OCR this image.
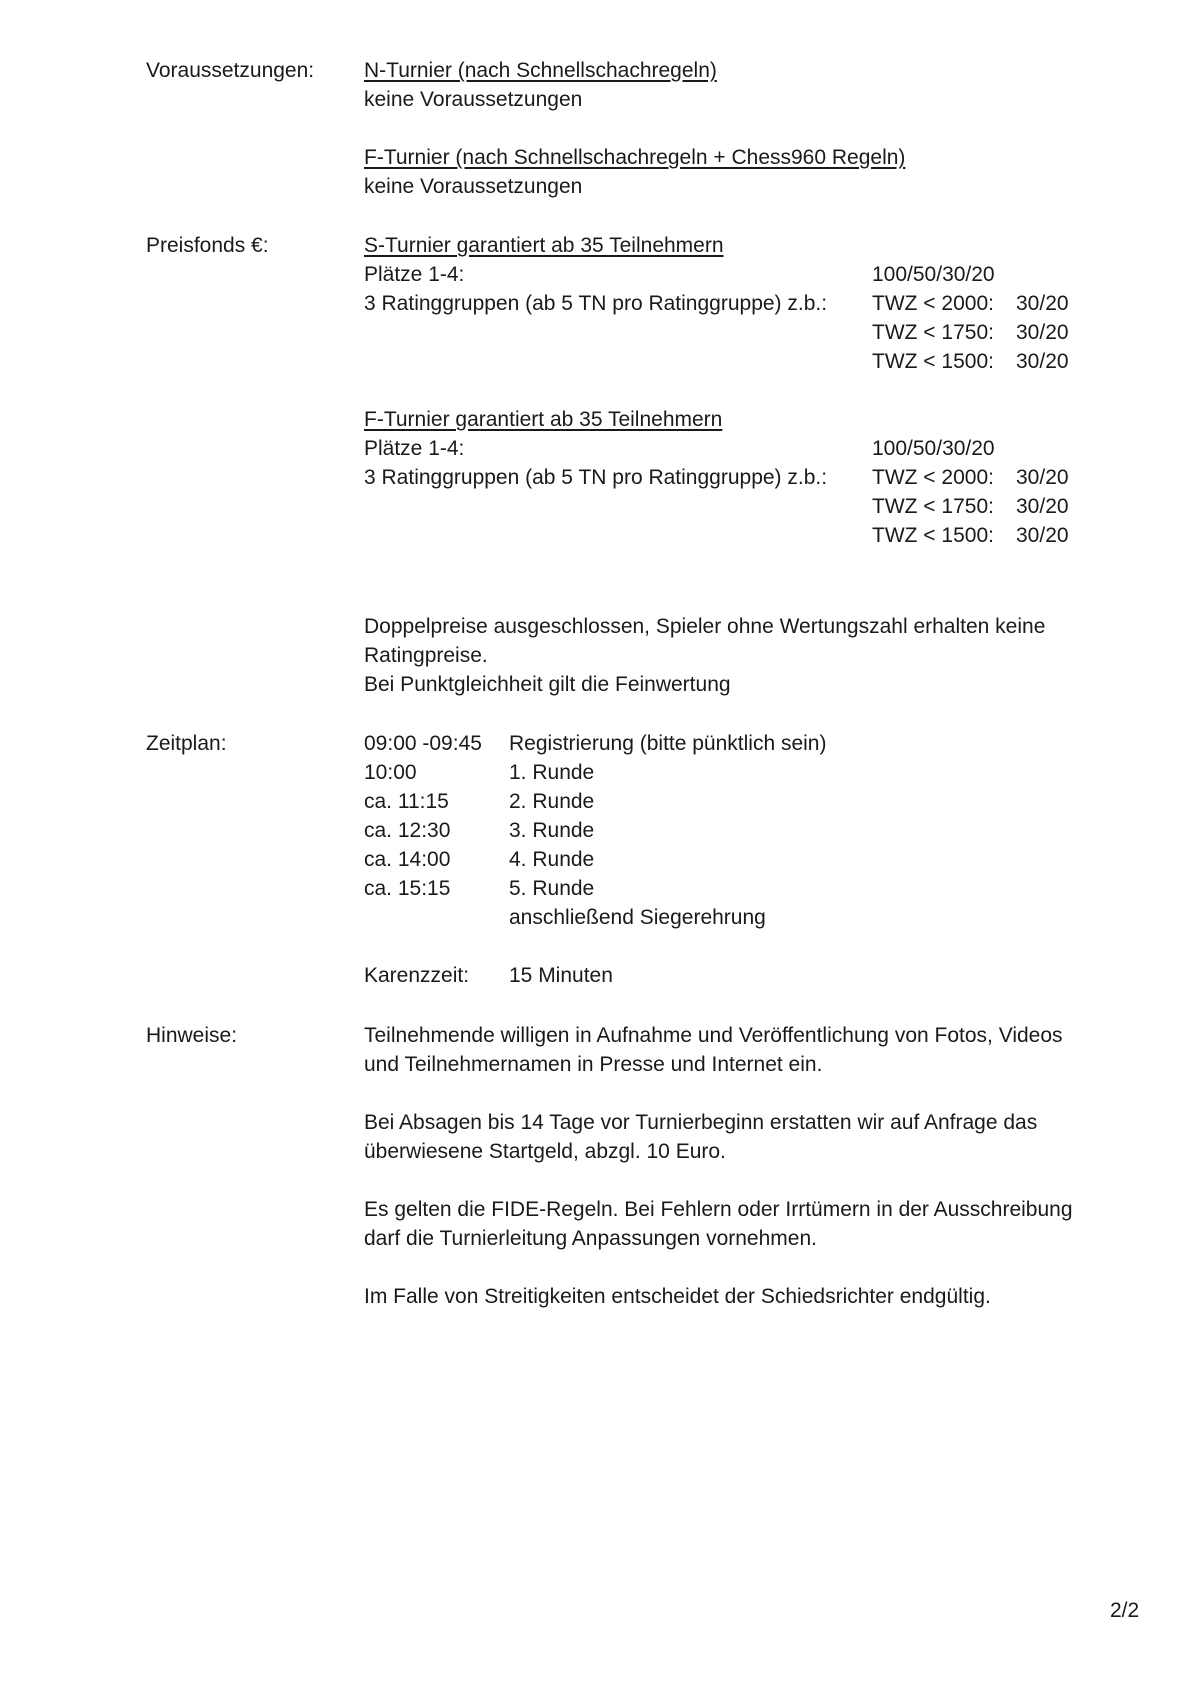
Voraussetzungen: N-Turnier (nach Schnellschachregeln)
keine Voraussetzungen
F-Turnier (nach Schnellschachregeln + Chess960 Regeln)
keine Voraussetzungen
Preisfonds €:	S-Turnier garantiert ab 35 Teilnehmern
Plätze 1-4:	100/50/30/20
3 Ratinggruppen (ab 5 TN pro Ratinggruppe) z.b.: TWZ < 2000: 30/20
TWZ < 1750: 30/20
TWZ < 1500: 30/20
F-Turnier garantiert ab 35 Teilnehmern
Plätze 1-4:	100/50/30/20
3 Ratinggruppen (ab 5 TN pro Ratinggruppe) z.b.: TWZ < 2000: 30/20
TWZ < 1750: 30/20
TWZ < 1500: 30/20
Doppelpreise ausgeschlossen, Spieler ohne Wertungszahl erhalten keine
Ratingpreise.
Bei Punktgleichheit gilt die Feinwertung
Zeitplan:	09:00 -09:45 Registrierung (bitte pünktlich sein)
10:00	1. Runde
ca. 11:15	2. Runde
ca. 12:30	3. Runde
ca. 14:00	4. Runde
ca. 15:15	5. Runde
anschließend Siegerehrung
Karenzzeit: 15 Minuten
Hinweise:	Teilnehmende willigen in Aufnahme und Veröffentlichung von Fotos, Videos
und Teilnehmernamen in Presse und Internet ein.
Bei Absagen bis 14 Tage vor Turnierbeginn erstatten wir auf Anfrage das
überwiesene Startgeld, abzgl. 10 Euro.
Es gelten die FIDE-Regeln. Bei Fehlern oder Irrtümern in der Ausschreibung
darf die Turnierleitung Anpassungen vornehmen.
Im Falle von Streitigkeiten entscheidet der Schiedsrichter endgültig.
2/2
